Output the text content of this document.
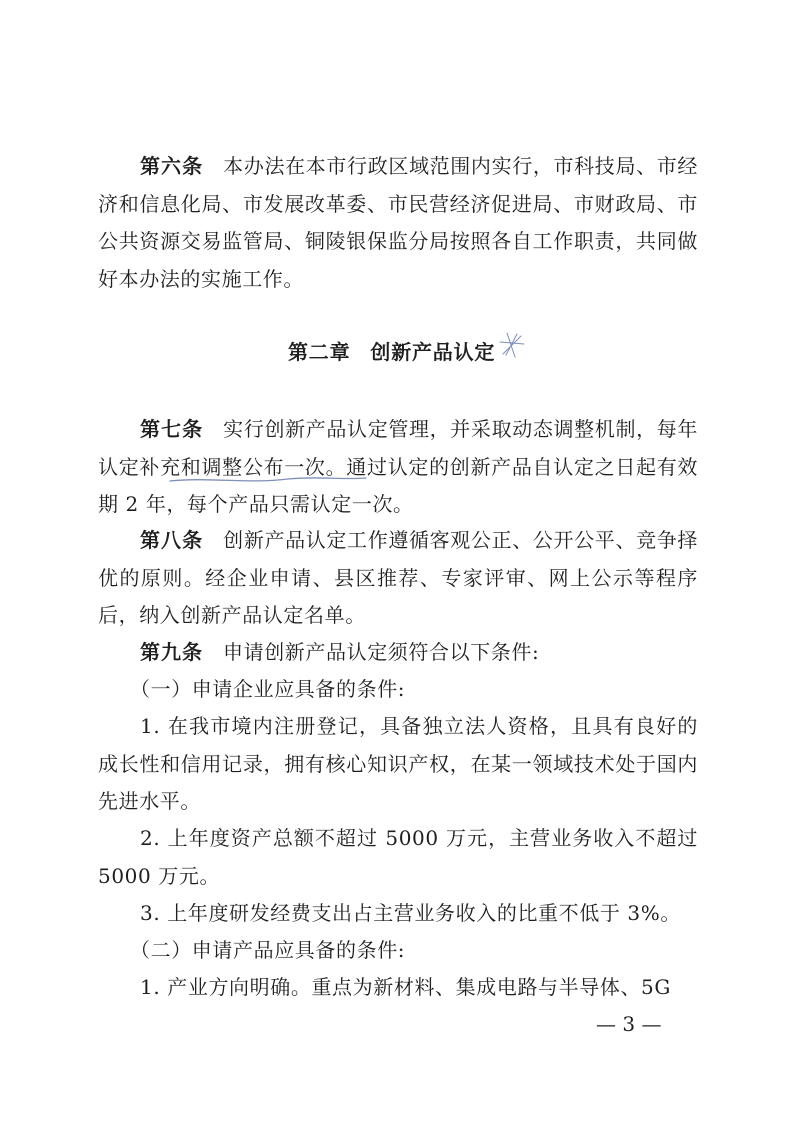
第六条 本办法在本市行政区域范围内实行，市科技局、市经济和信息化局、市发展改革委、市民营经济促进局、市财政局、市公共资源交易监管局、铜陵银保监分局按照各自工作职责，共同做好本办法的实施工作。

第二章 创新产品认定

第七条 实行创新产品认定管理，并采取动态调整机制，每年认定补充和调整公布一次。通过认定的创新产品自认定之日起有效期 2 年，每个产品只需认定一次。

第八条 创新产品认定工作遵循客观公正、公开公平、竞争择优的原则。经企业申请、县区推荐、专家评审、网上公示等程序后，纳入创新产品认定名单。

第九条 申请创新产品认定须符合以下条件:

（一）申请企业应具备的条件:

1. 在我市境内注册登记，具备独立法人资格，且具有良好的成长性和信用记录，拥有核心知识产权，在某一领域技术处于国内先进水平。

2. 上年度资产总额不超过 5000 万元，主营业务收入不超过 5000 万元。

3. 上年度研发经费支出占主营业务收入的比重不低于 3%。

（二）申请产品应具备的条件:

1. 产业方向明确。重点为新材料、集成电路与半导体、5G

— 3 —
